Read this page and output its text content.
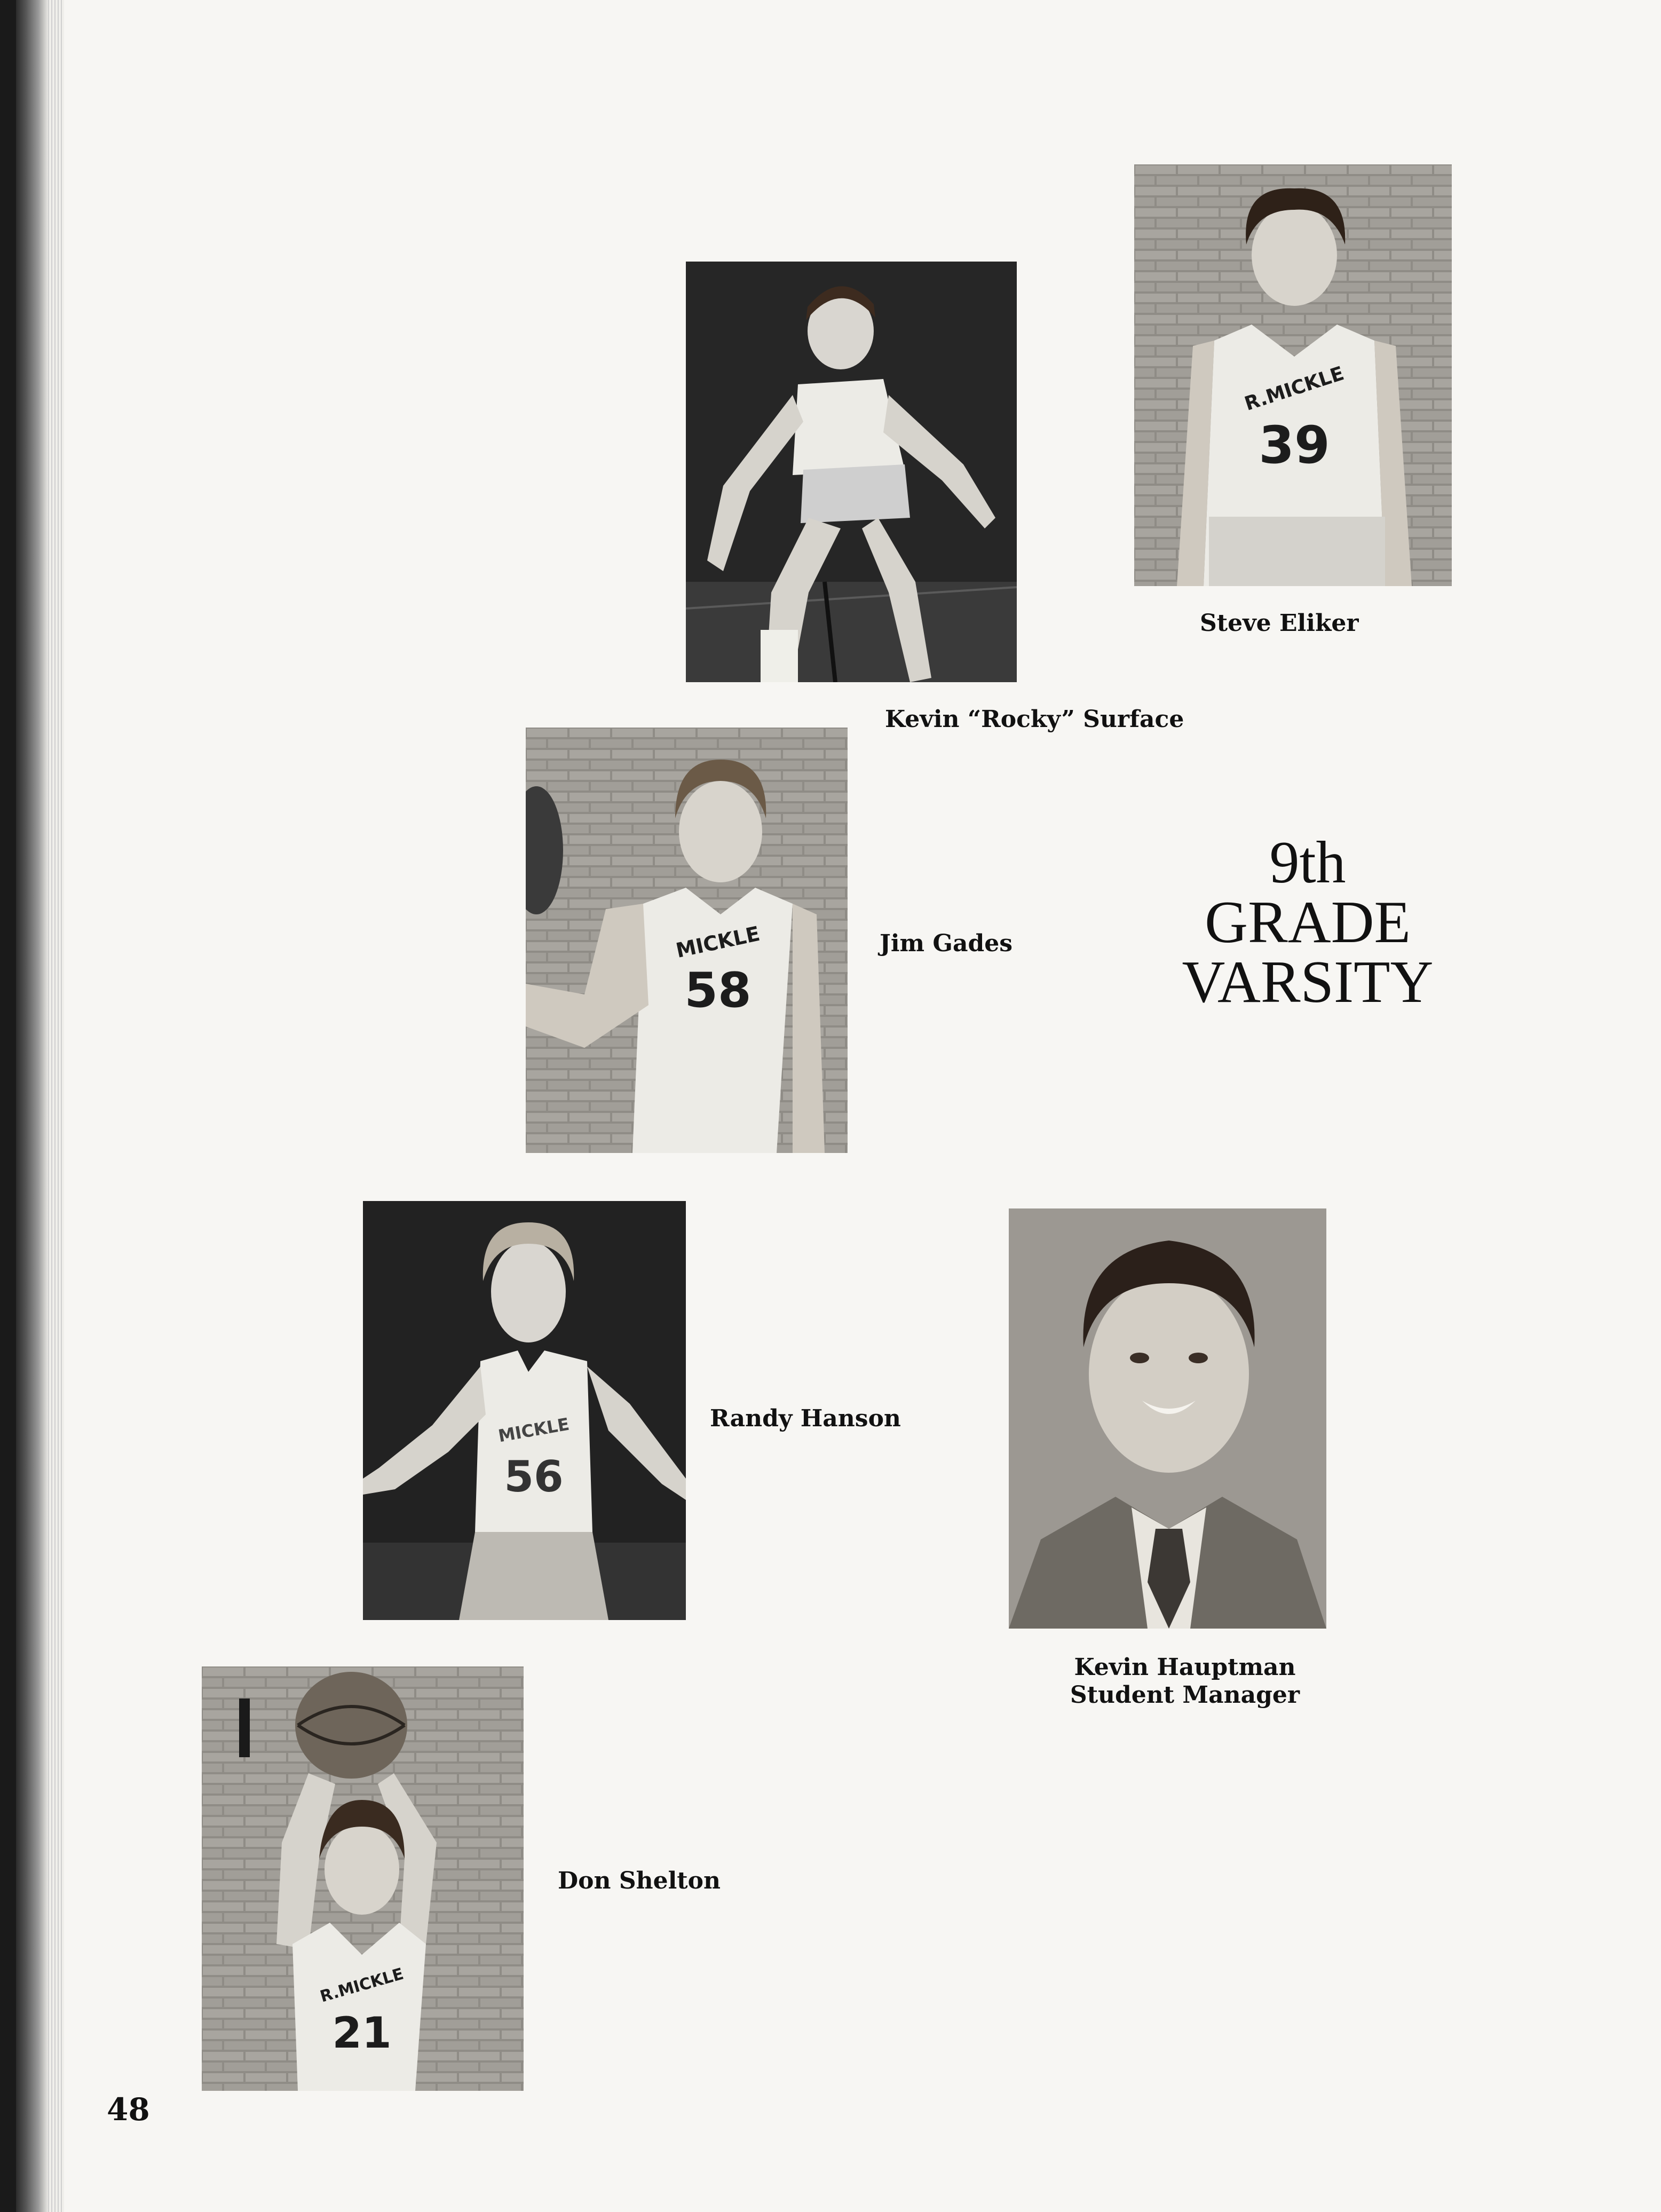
Kevin “Rocky” Surface
39
R.MICKLE
Steve Eliker
58
MICKLE	Jim Gades
9th
GRADE
VARSITY
56
MICKLE	Randy Hanson
Kevin Hauptman
Student Manager
21
R.MICKLE
Don Shelton
48
